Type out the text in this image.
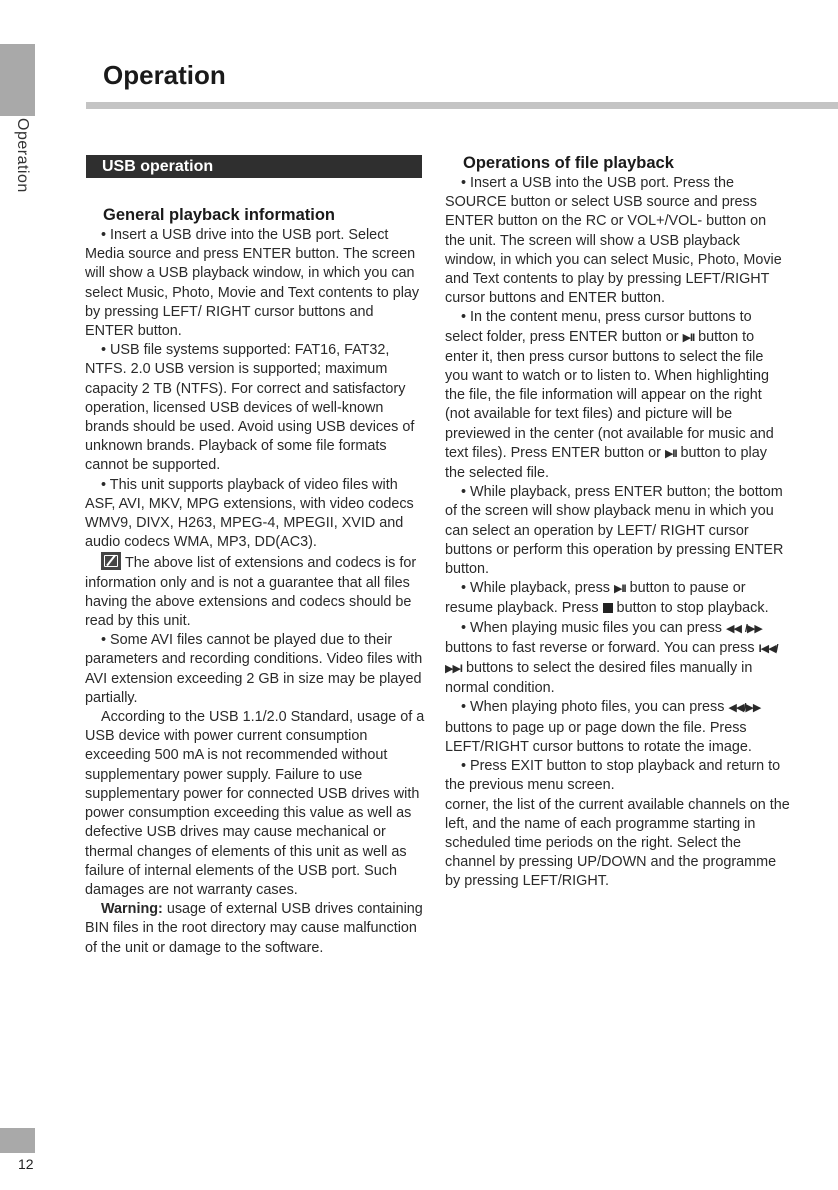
Operation
Operation
USB operation
General playback information

• Insert a USB drive into the USB port. Select Media source and press ENTER button. The screen will show a USB playback window, in which you can select Music, Photo, Movie and Text contents to play by pressing LEFT/ RIGHT cursor buttons and ENTER button.

• USB file systems supported: FAT16, FAT32, NTFS. 2.0 USB version is supported; maximum capacity 2 TB (NTFS). For correct and satisfactory operation, licensed USB devices of well-known brands should be used. Avoid using USB devices of unknown brands. Playback of some file formats cannot be supported.

• This unit supports playback of video files with ASF, AVI, MKV, MPG extensions, with video codecs WMV9, DIVX, H263, MPEG-4, MPEGII, XVID and audio codecs WMA, MP3, DD(AC3).

The above list of extensions and codecs is for information only and is not a guarantee that all files having the above extensions and codecs should be read by this unit.

• Some AVI files cannot be played due to their parameters and recording conditions. Video files with AVI extension exceeding 2 GB in size may be played partially.

According to the USB 1.1/2.0 Standard, usage of a USB device with power current consumption exceeding 500 mA is not recommended without supplementary power supply. Failure to use supplementary power for connected USB drives with power consumption exceeding this value as well as defective USB drives may cause mechanical or thermal changes of elements of this unit as well as failure of internal elements of the USB port. Such damages are not warranty cases.

Warning: usage of external USB drives containing BIN files in the root directory may cause malfunction of the unit or damage to the software.

Operations of file playback

• Insert a USB into the USB port. Press the SOURCE button or select USB source and press ENTER button on the RC or VOL+/VOL- button on the unit. The screen will show a USB playback window, in which you can select Music, Photo, Movie and Text contents to play by pressing LEFT/RIGHT cursor buttons and ENTER button.

• In the content menu, press cursor buttons to select folder, press ENTER button or ▶II button to enter it, then press cursor buttons to select the file you want to watch or to listen to. When highlighting the file, the file information will appear on the right (not available for text files) and picture will be previewed in the center (not available for music and text files). Press ENTER button or ▶II button to play the selected file.

• While playback, press ENTER button; the bottom of the screen will show playback menu in which you can select an operation by LEFT/ RIGHT cursor buttons or perform this operation by pressing ENTER button.

• While playback, press ▶II button to pause or resume playback. Press  button to stop playback.

• When playing music files you can press ◀◀ /▶▶ buttons to fast reverse or forward. You can press I◀◀/▶▶I buttons to select the desired files manually in normal condition.

• When playing photo files, you can press ◀◀/▶▶ buttons to page up or page down the file. Press LEFT/RIGHT cursor buttons to rotate the image.

• Press EXIT button to stop playback and return to the previous menu screen.

corner, the list of the current available channels on the left, and the name of each programme starting in scheduled time periods on the right. Select the channel by pressing UP/DOWN and the programme by pressing LEFT/RIGHT.

12
